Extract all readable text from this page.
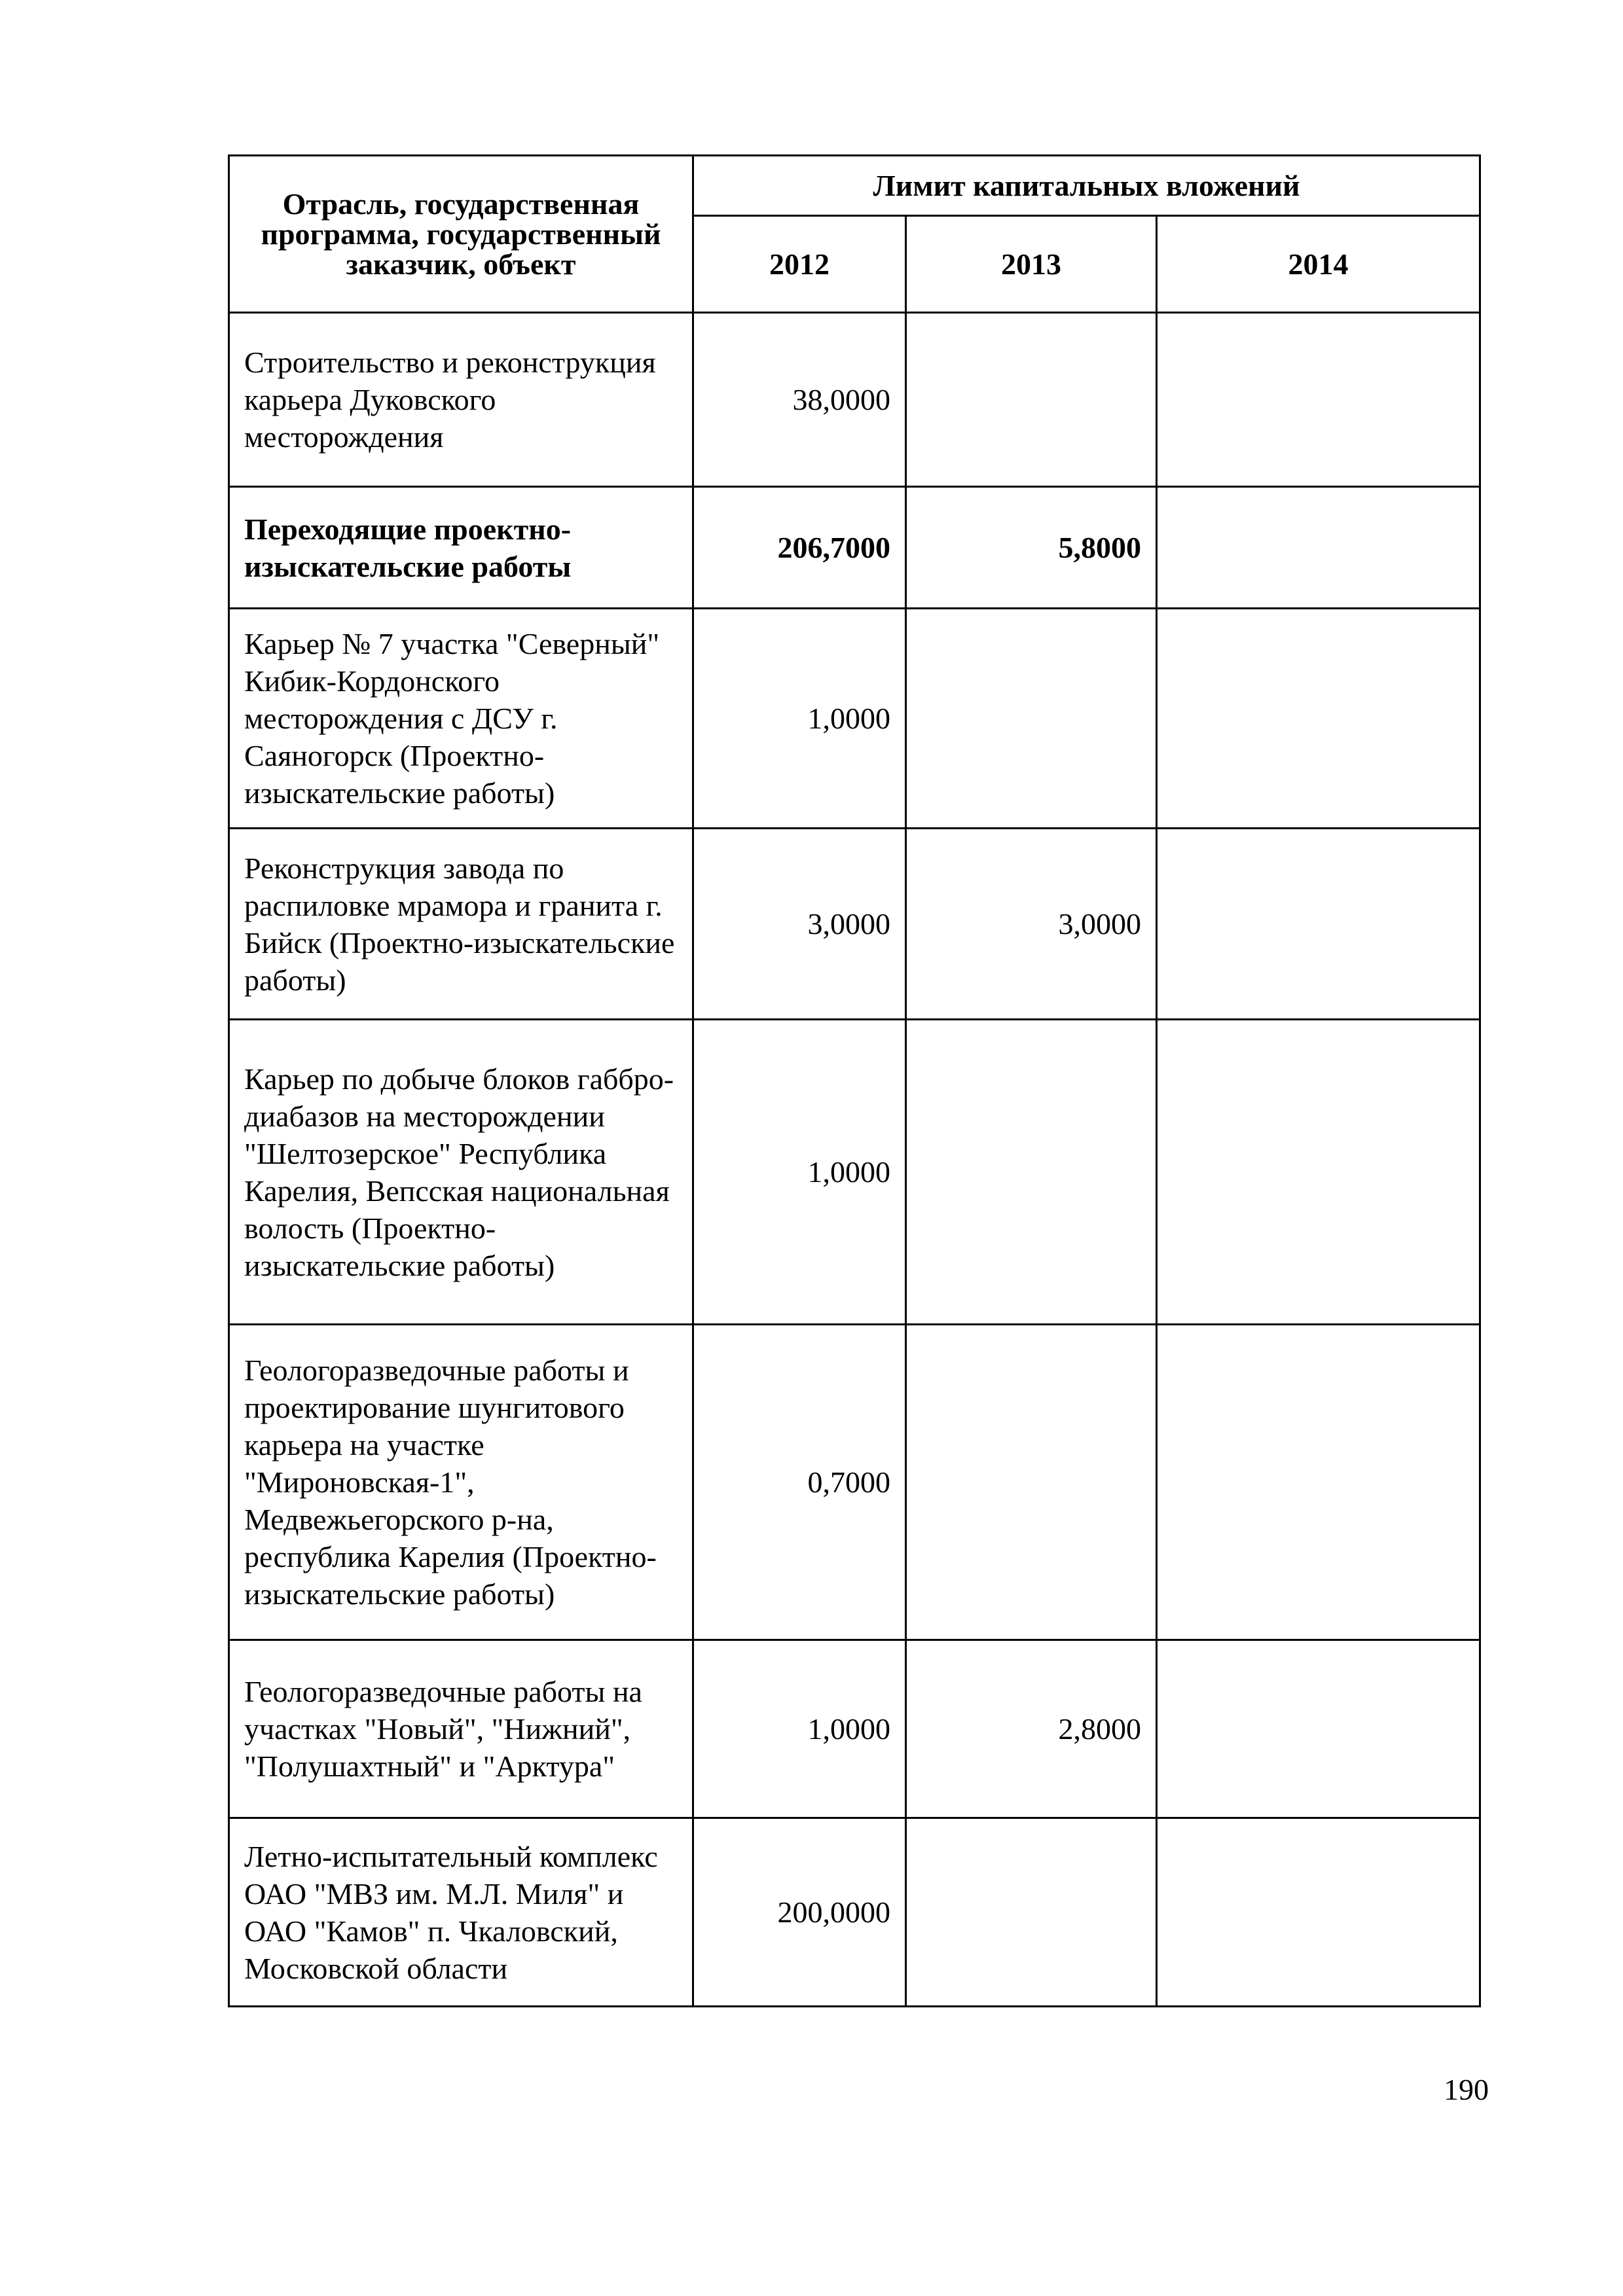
Отрасль, государственная программа, государственный заказчик, объект	Лимит капитальных вложений		
	2012	2013	2014
Строительство и реконструкция карьера Дуковского месторождения	38,0000		
Переходящие проектно-изыскательские работы	206,7000	5,8000	
Карьер № 7 участка "Северный" Кибик-Кордонского месторождения с ДСУ г. Саяногорск (Проектно-изыскательские работы)	1,0000		
Реконструкция завода по распиловке мрамора и гранита г. Бийск (Проектно-изыскательские работы)	3,0000	3,0000	
Карьер по добыче блоков габбро-диабазов на месторождении "Шелтозерское" Республика Карелия, Вепсская национальная волость (Проектно-изыскательские работы)	1,0000		
Геологоразведочные работы и проектирование шунгитового карьера на участке "Мироновская-1", Медвежьегорского р-на, республика Карелия (Проектно-изыскательские работы)	0,7000		
Геологоразведочные работы на участках "Новый", "Нижний", "Полушахтный" и "Арктура"	1,0000	2,8000	
Летно-испытательный комплекс ОАО "МВЗ им. М.Л. Миля" и ОАО "Камов" п. Чкаловский, Московской области	200,0000		
190
